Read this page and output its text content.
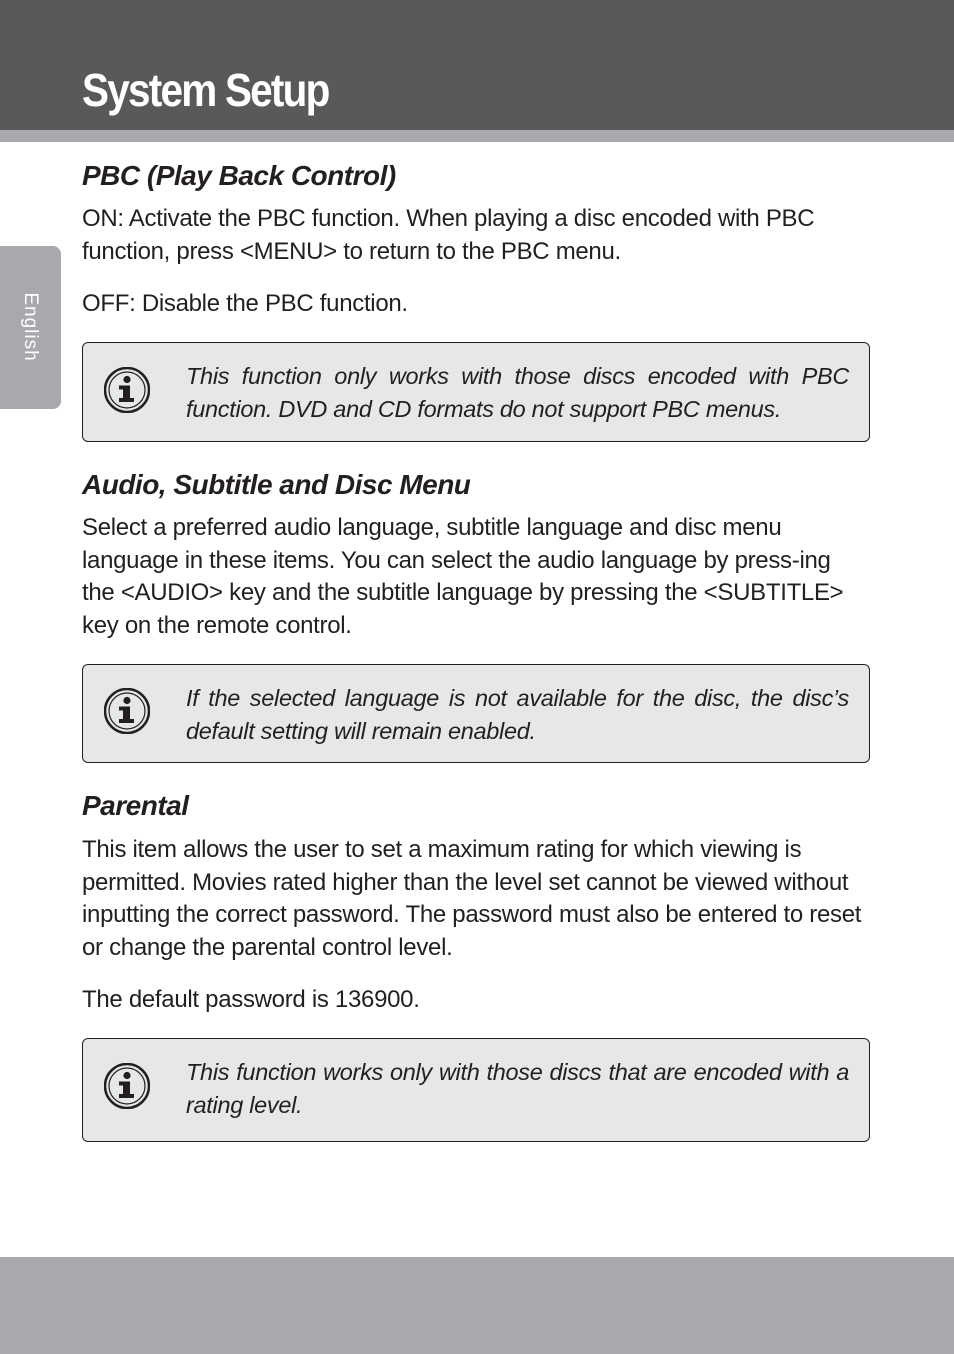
System Setup
English
PBC (Play Back Control)

ON: Activate the PBC function. When playing a disc encoded with PBC function, press <MENU> to return to the PBC menu.

OFF: Disable the PBC function.

This function only works with those discs encoded with PBC function. DVD and CD formats do not support PBC menus.

Audio, Subtitle and Disc Menu

Select a preferred audio language, subtitle language and disc menu language in these items. You can select the audio language by press-ing the <AUDIO> key and the subtitle language by pressing the <SUBTITLE> key on the remote control.

If the selected language is not available for the disc, the disc’s default setting will remain enabled.

Parental

This item allows the user to set a maximum rating for which viewing is permitted. Movies rated higher than the level set cannot be viewed without inputting the correct password. The password must also be entered to reset or change the parental control level.

The default password is 136900.

This function works only with those discs that are encoded with a rating level.
